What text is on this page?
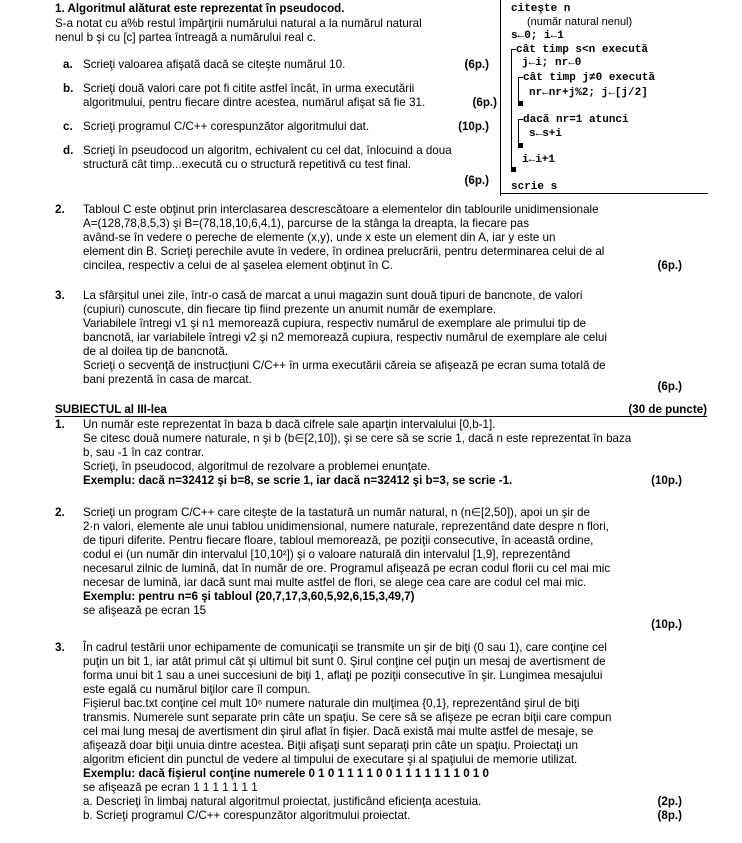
1. Algoritmul alăturat este reprezentat în pseudocod.

S-a notat cu a%b restul împărţirii numărului natural a la numărul natural

nenul b şi cu [c] partea întreagă a numărului real c.

a. Scrieţi valoarea afişată dacă se citeşte numărul 10.	(6p.)
b. Scrieţi două valori care pot fi citite astfel încât, în urma executării

algoritmului, pentru fiecare dintre acestea, numărul afişat să fie 31.	(6p.)
c. Scrieţi programul C/C++ corespunzător algoritmului dat.	(10p.)
d. Scrieţi în pseudocod un algoritm, echivalent cu cel dat, înlocuind a doua

structură cât timp...execută cu o structură repetitivă cu test final.

(6p.)
citeşte n
(număr natural nenul)
s←0; i←1
cât timp s<n execută
j←i; nr←0
cât timp j≠0 execută
nr←nr+j%2; j←[j/2]
dacă nr=1 atunci
s←s+i
i←i+1
scrie s
2. Tabloul C este obţinut prin interclasarea descrescătoare a elementelor din tablourile unidimensionale

A=(128,78,8,5,3) şi B=(78,18,10,6,4,1), parcurse de la stânga la dreapta, la fiecare pas

având-se în vedere o pereche de elemente (x,y), unde x este un element din A, iar y este un

element din B. Scrieţi perechile avute în vedere, în ordinea prelucrării, pentru determinarea celui de al

cincilea, respectiv a celui de al şaselea element obţinut în C.	(6p.)
3. La sfârşitul unei zile, într-o casă de marcat a unui magazin sunt două tipuri de bancnote, de valori

(cupiuri) cunoscute, din fiecare tip fiind prezente un anumit număr de exemplare.

Variabilele întregi v1 şi n1 memorează cupiura, respectiv numărul de exemplare ale primului tip de

bancnotă, iar variabilele întregi v2 şi n2 memorează cupiura, respectiv numărul de exemplare ale celui

de al doilea tip de bancnotă.

Scrieţi o secvenţă de instrucţiuni C/C++ în urma executării căreia se afişează pe ecran suma totală de

bani prezentă în casa de marcat.

(6p.)
SUBIECTUL al III-lea	(30 de puncte)
1. Un număr este reprezentat în baza b dacă cifrele sale aparţin intervalului [0,b-1].

Se citesc două numere naturale, n şi b (b∈[2,10]), şi se cere să se scrie 1, dacă n este reprezentat în baza

b, sau -1 în caz contrar.

Scrieţi, în pseudocod, algoritmul de rezolvare a problemei enunţate.

Exemplu: dacă n=32412 şi b=8, se scrie 1, iar dacă n=32412 şi b=3, se scrie -1.	(10p.)
2. Scrieţi un program C/C++ care citeşte de la tastatură un număr natural, n (n∈[2,50]), apoi un şir de

2·n valori, elemente ale unui tablou unidimensional, numere naturale, reprezentând date despre n flori,

de tipuri diferite. Pentru fiecare floare, tabloul memorează, pe poziţii consecutive, în această ordine,

codul ei (un număr din intervalul [10,10²]) şi o valoare naturală din intervalul [1,9], reprezentând

necesarul zilnic de lumină, dat în număr de ore. Programul afişează pe ecran codul florii cu cel mai mic

necesar de lumină, iar dacă sunt mai multe astfel de flori, se alege cea care are codul cel mai mic.

Exemplu: pentru n=6 şi tabloul (20,7,17,3,60,5,92,6,15,3,49,7)

se afişează pe ecran 15

(10p.)
3. În cadrul testării unor echipamente de comunicaţii se transmite un şir de biţi (0 sau 1), care conţine cel

puţin un bit 1, iar atât primul cât şi ultimul bit sunt 0. Şirul conţine cel puţin un mesaj de avertisment de

forma unui bit 1 sau a unei succesiuni de biţi 1, aflaţi pe poziţii consecutive în şir. Lungimea mesajului

este egală cu numărul biţilor care îl compun.

Fişierul bac.txt conţine cel mult 10⁶ numere naturale din mulţimea {0,1}, reprezentând şirul de biţi

transmis. Numerele sunt separate prin câte un spaţiu. Se cere să se afişeze pe ecran biţii care compun

cel mai lung mesaj de avertisment din şirul aflat în fişier. Dacă există mai multe astfel de mesaje, se

afişează doar biţii unuia dintre acestea. Biţii afişaţi sunt separaţi prin câte un spaţiu. Proiectaţi un

algoritm eficient din punctul de vedere al timpului de executare şi al spaţiului de memorie utilizat.

Exemplu: dacă fişierul conţine numerele 0 1 0 1 1 1 1 0 0 1 1 1 1 1 1 1 0 1 0

se afişează pe ecran 1 1 1 1 1 1 1

a. Descrieţi în limbaj natural algoritmul proiectat, justificând eficienţa acestuia.

b. Scrieţi programul C/C++ corespunzător algoritmului proiectat.

(2p.)
(8p.)
